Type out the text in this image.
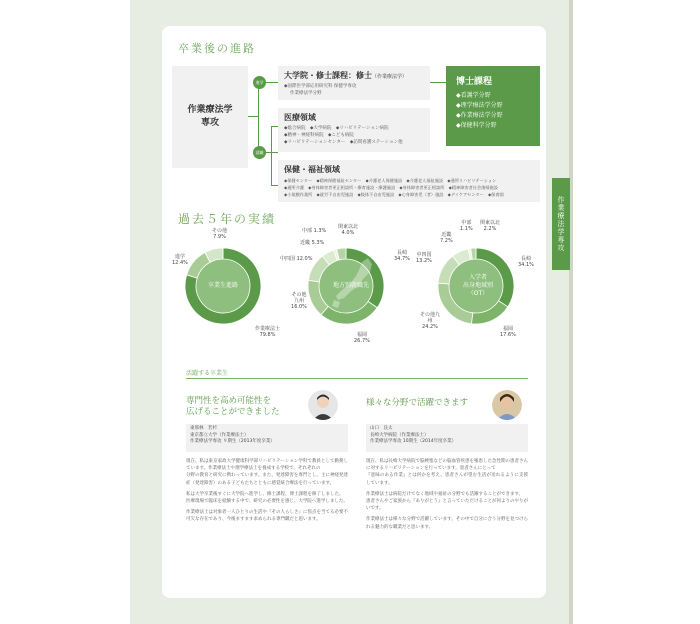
作業療法学専攻
卒業後の進路
作業療法学
専攻
進学
就職
大学院・修士課程：修士（作業療法学）
◆国際医学部応用研究科 保健学専攻
作業療法学分野
博士課程
◆看護学分野
◆理学療法学分野
◆作業療法学分野
◆保健科学分野
医療領域
◆総合病院　◆大学病院　◆リハビリテーション病院
◆精神・神経科病院　◆こども病院
◆リハビリテーションセンター　◆訪問看護ステーション他
保健・福祉領域
◆保健センター　◆精神保健福祉センター　◆介護老人保健施設　◆介護老人福祉施設　◆通所リハビリテーション
◆通所介護　◆身体障害者更正相談所・療育施設・療護施設　◆身体障害者更正相談所　◆精神障害者社会復帰施設
◆小規模作業所　◆就労不自由児施設　◆肢体不自由児施設　◆心身障害児（者）施設　◆デイケアセンター　◆保育園
過去５年の実績
卒業生進路
その他
7.9%
進学
12.4%
作業療法士
79.8%
地方別就職先
中部 1.3%
関東以北
4.0%
近畿 5.3%
長崎
34.7%
中四国 12.0%
その他九州
16.0%
福岡
26.7%
入学者
出身地域別
（OT）
中部
1.1%
関東以北
2.2%
近畿
7.2%
中四国
13.2%	長崎
34.1%
その他九州
24.2%	福岡
17.6%
活躍する卒業生
専門性を高め可能性を
広げることができました
東那林　若杉
東京都立大学（作業療法士）
作業療法学専攻 ９期生（2013年度卒業）
現在、私は東京家政大学健康科学部リハビリテーション学科で教員として勤務しています。作業療法士や理学療法士を養成する学校で、それぞれの
分野の教育と研究に携わっています。また、発達障害を専門とし、主に神経発達症（発達障害）のある子どもたちとともに感覚統合療法を行っています。
私は大学卒業後すぐに大学院へ進学し、修士課程、博士課程を修了しました。
医療現場で臨床を経験する中で、研究の必要性を感じ、大学院へ進学しました。
作業療法士は対象者一人ひとりの生活や『その人らしさ』に焦点を当てる必要不可欠な存在であり、今後ますます求められる専門職だと思います。
様々な分野で活躍できます
山口　良太
長崎大学病院（作業療法士）
作業療法学専攻 10期生（2014年度卒業）
現在、私は長崎大学病院で脳梗塞などの脳血管疾患を罹患した急性期の患者さんに対するリハビリテーションを行っています。患者さんにとって
『意味のある作業』とは何かを考え、患者さんが望む生活が送れるように支援しています。
作業療法士は病院だけでなく地域や福祉の分野でも活躍することができます。
患者さんやご家族から『ありがとう』と言っていただけることが何よりのやりがいです。
作業療法士は様々な分野で活躍しています。その中で自分に合う分野を見つけられる魅力的な職業だと思います。
